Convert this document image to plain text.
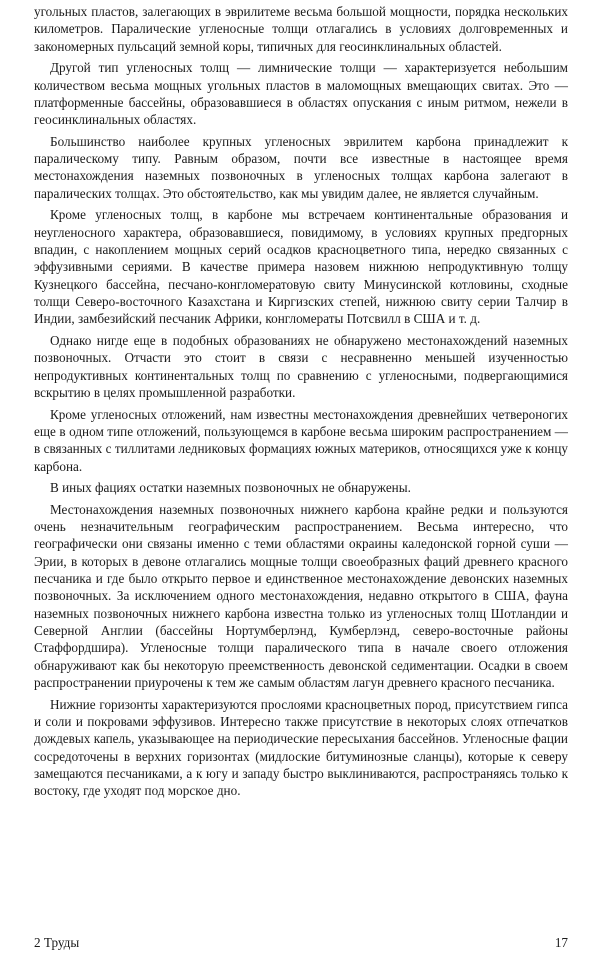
угольных пластов, залегающих в эврилитеме весьма большой мощности, порядка нескольких километров. Паралические угленосные толщи отлагались в условиях долговременных и закономерных пульсаций земной коры, типичных для геосинклинальных областей.

Другой тип угленосных толщ — лимнические толщи — характеризуется небольшим количеством весьма мощных угольных пластов в маломощных вмещающих свитах. Это — платформенные бассейны, образовавшиеся в областях опускания с иным ритмом, нежели в геосинклинальных областях.

Большинство наиболее крупных угленосных эврилитем карбона принадлежит к паралическому типу. Равным образом, почти все известные в настоящее время местонахождения наземных позвоночных в угленосных толщах карбона залегают в паралических толщах. Это обстоятельство, как мы увидим далее, не является случайным.

Кроме угленосных толщ, в карбоне мы встречаем континентальные образования и неугленосного характера, образовавшиеся, повидимому, в условиях крупных предгорных впадин, с накоплением мощных серий осадков красноцветного типа, нередко связанных с эффузивными сериями. В качестве примера назовем нижнюю непродуктивную толщу Кузнецкого бассейна, песчано-конгломератовую свиту Минусинской котловины, сходные толщи Северо-восточного Казахстана и Киргизских степей, нижнюю свиту серии Талчир в Индии, замбезийский песчаник Африки, конгломераты Потсвилл в США и т. д.

Однако нигде еще в подобных образованиях не обнаружено местонахождений наземных позвоночных. Отчасти это стоит в связи с несравненно меньшей изученностью непродуктивных континентальных толщ по сравнению с угленосными, подвергающимися вскрытию в целях промышленной разработки.

Кроме угленосных отложений, нам известны местонахождения древнейших четвероногих еще в одном типе отложений, пользующемся в карбоне весьма широким распространением — в связанных с тиллитами ледниковых формациях южных материков, относящихся уже к концу карбона.

В иных фациях остатки наземных позвоночных не обнаружены.

Местонахождения наземных позвоночных нижнего карбона крайне редки и пользуются очень незначительным географическим распространением. Весьма интересно, что географически они связаны именно с теми областями окраины каледонской горной суши — Эрии, в которых в девоне отлагались мощные толщи своеобразных фаций древнего красного песчаника и где было открыто первое и единственное местонахождение девонских наземных позвоночных. За исключением одного местонахождения, недавно открытого в США, фауна наземных позвоночных нижнего карбона известна только из угленосных толщ Шотландии и Северной Англии (бассейны Нортумберлэнд, Кумберлэнд, северо-восточные районы Стаффордшира). Угленосные толщи паралического типа в начале своего отложения обнаруживают как бы некоторую преемственность девонской седиментации. Осадки в своем распространении приурочены к тем же самым областям лагун древнего красного песчаника.

Нижние горизонты характеризуются прослоями красноцветных пород, присутствием гипса и соли и покровами эффузивов. Интересно также присутствие в некоторых слоях отпечатков дождевых капель, указывающее на периодические пересыхания бассейнов. Угленосные фации сосредоточены в верхних горизонтах (мидлоские битуминозные сланцы), которые к северу замещаются песчаниками, а к югу и западу быстро выклиниваются, распространяясь только к востоку, где уходят под морское дно.

2 Труды	17
